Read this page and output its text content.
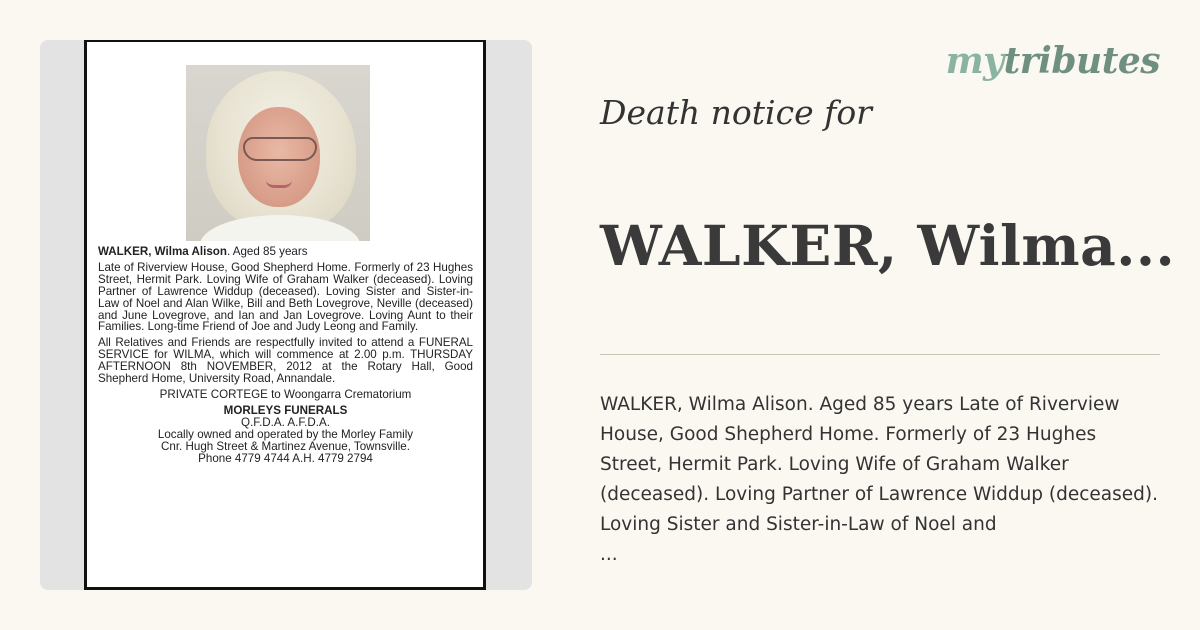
WALKER, Wilma Alison. Aged 85 years

Late of Riverview House, Good Shepherd Home. Formerly of 23 Hughes Street, Hermit Park. Loving Wife of Graham Walker (deceased). Loving Partner of Lawrence Widdup (deceased). Loving Sister and Sister-in-Law of Noel and Alan Wilke, Bill and Beth Lovegrove, Neville (deceased) and June Lovegrove, and Ian and Jan Lovegrove. Loving Aunt to their Families. Long-time Friend of Joe and Judy Leong and Family.

All Relatives and Friends are respectfully invited to attend a FUNERAL SERVICE for WILMA, which will commence at 2.00 p.m. THURSDAY AFTERNOON 8th NOVEMBER, 2012 at the Rotary Hall, Good Shepherd Home, University Road, Annandale.

PRIVATE CORTEGE to Woongarra Crematorium

MORLEYS FUNERALS
Q.F.D.A. A.F.D.A.
Locally owned and operated by the Morley Family
Cnr. Hugh Street & Martinez Avenue, Townsville.
Phone 4779 4744 A.H. 4779 2794
mytributes
Death notice for
WALKER, Wilma...
WALKER, Wilma Alison. Aged 85 years Late of Riverview House, Good Shepherd Home. Formerly of 23 Hughes Street, Hermit Park. Loving Wife of Graham Walker (deceased). Loving Partner of Lawrence Widdup (deceased). Loving Sister and Sister-in-Law of Noel and
...
